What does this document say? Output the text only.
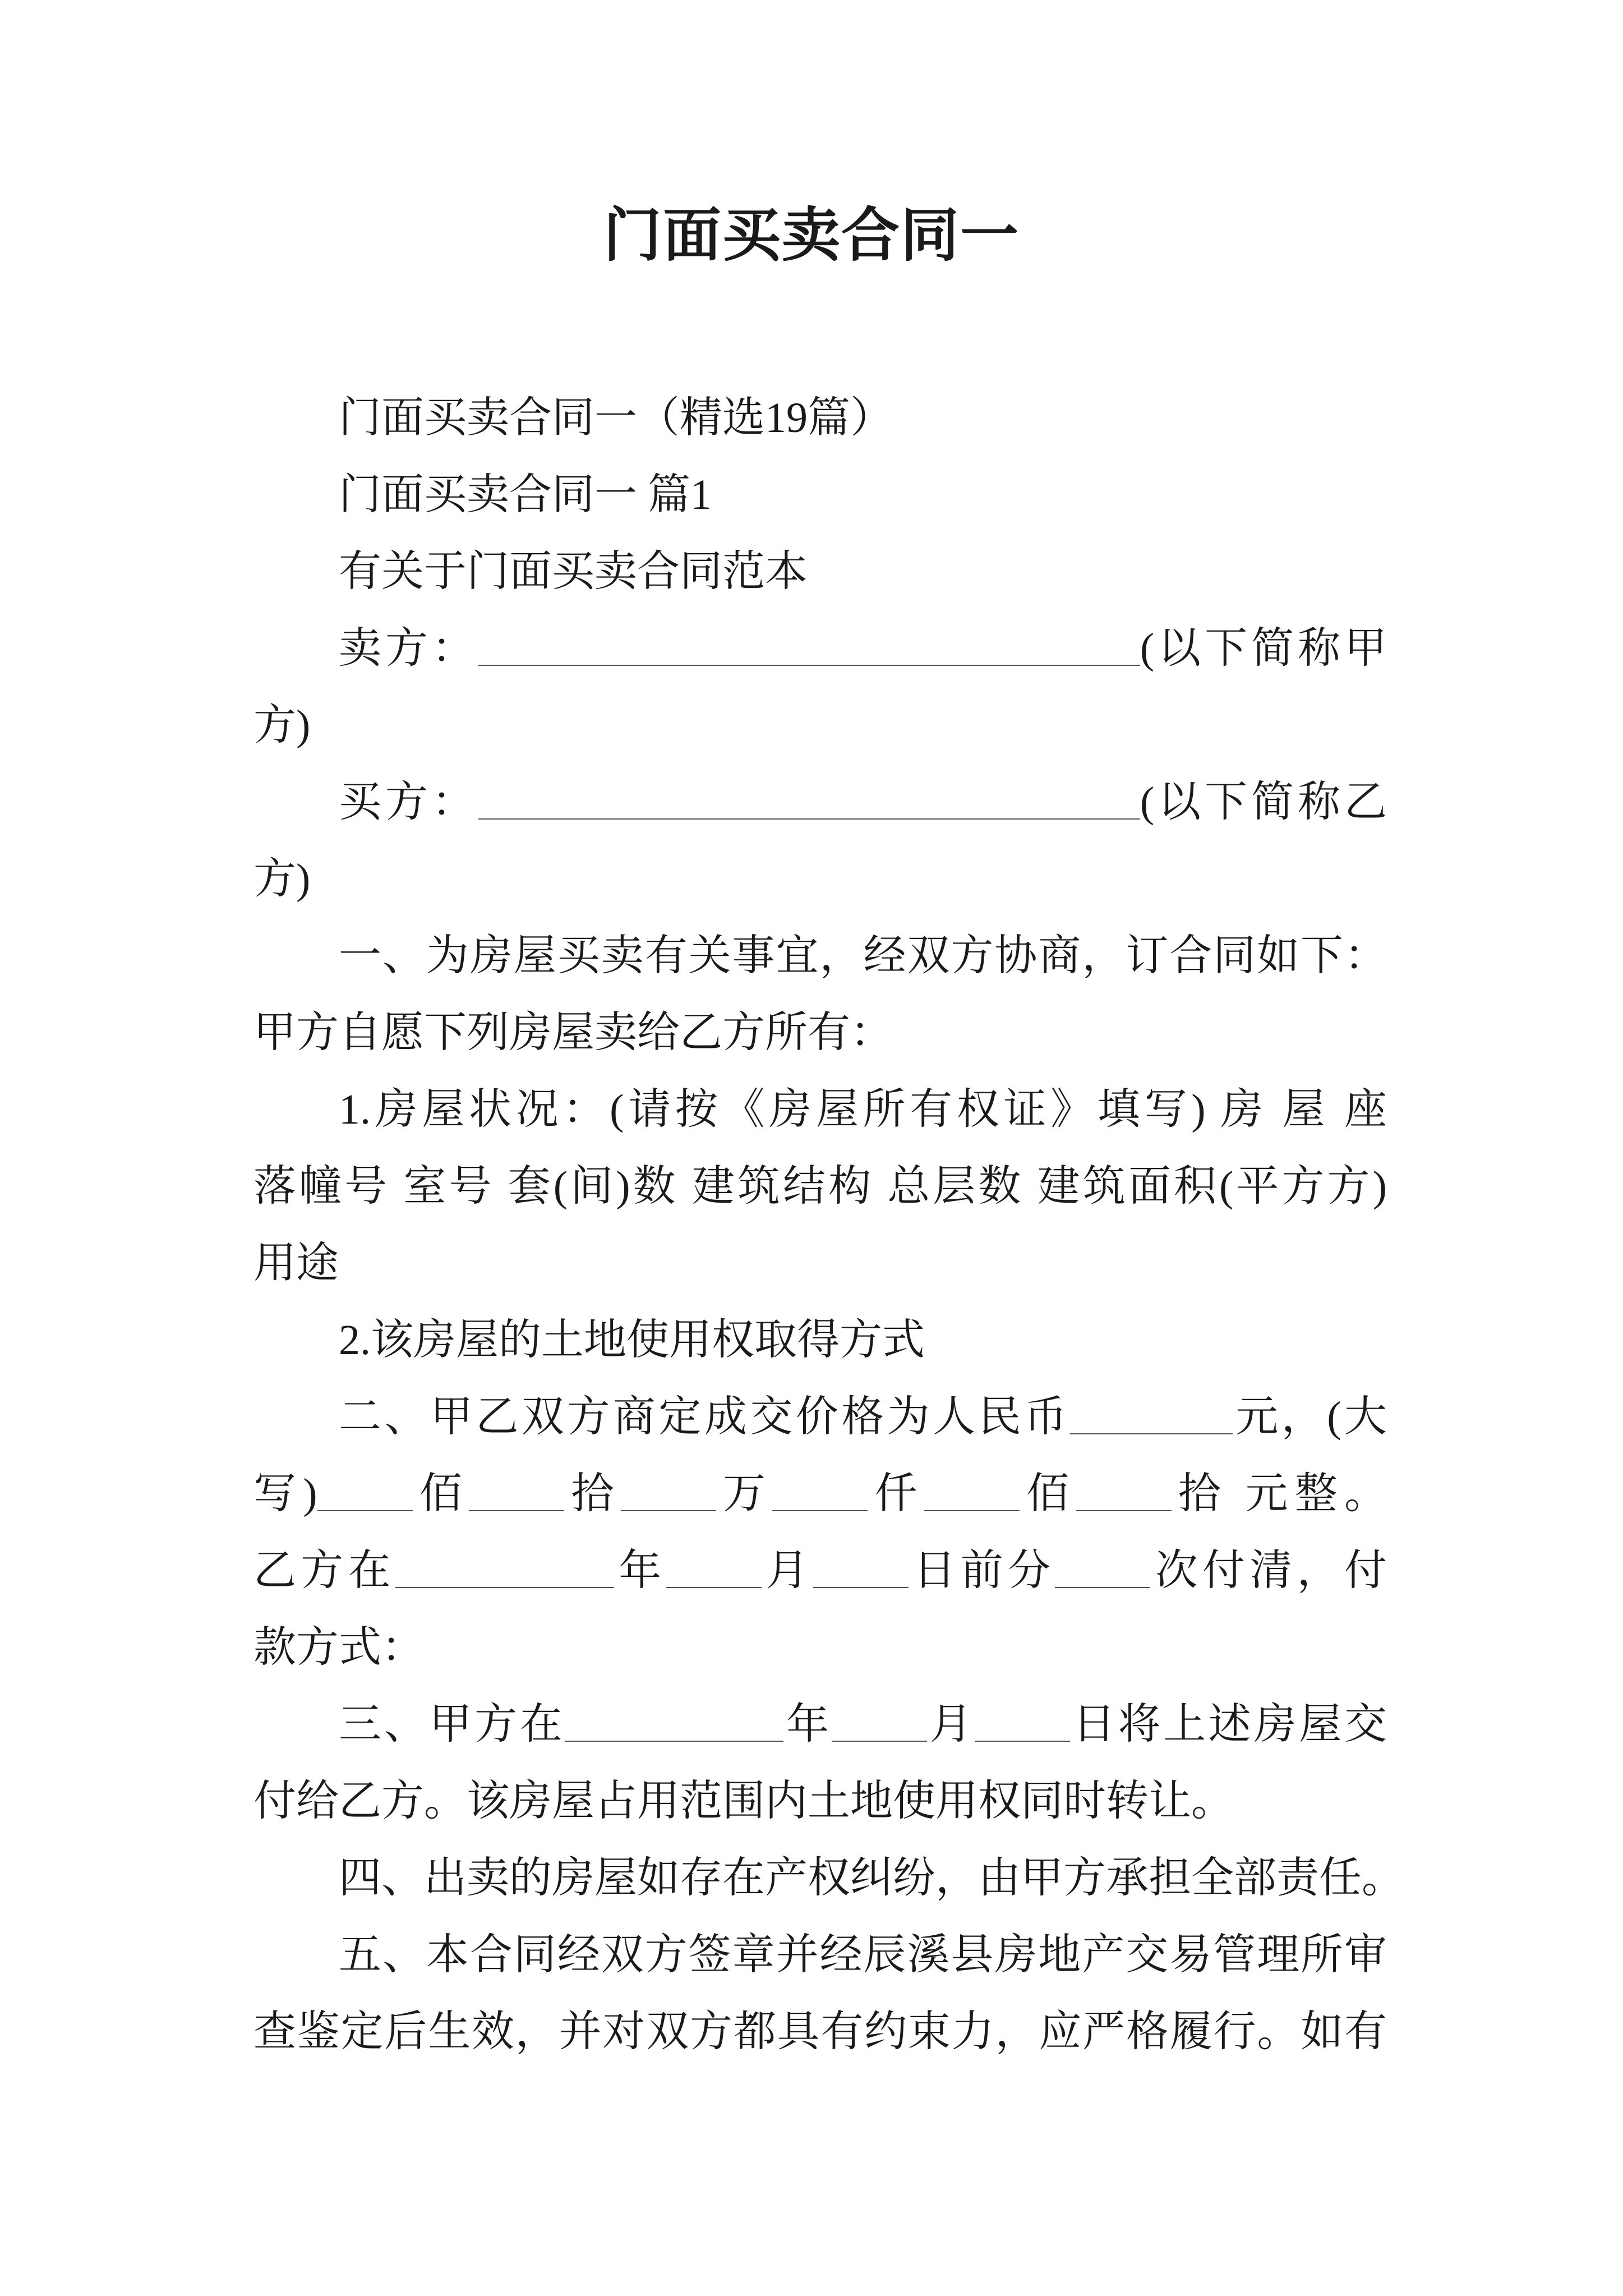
门面买卖合同一
门面买卖合同一（精选19篇）
门面买卖合同一 篇1
有关于门面买卖合同范本
卖方：	(以下简称甲
方)
买方：	(以下简称乙
方)
一、为房屋买卖有关事宜，经双方协商，订合同如下：
甲方自愿下列房屋卖给乙方所有：
1.房屋状况：(请按《房屋所有权证》填写) 房 屋 座
落幢号 室号 套(间)数 建筑结构 总层数 建筑面积(平方方)
用途
2.该房屋的土地使用权取得方式
二、甲乙双方商定成交价格为人民币	元，(大
写) 佰 拾 万 仟 佰 拾 元整。
乙方在	年 月 日前分 次付清，付
款方式：
三、甲方在	年 月 日将上述房屋交
付给乙方。该房屋占用范围内土地使用权同时转让。
四、出卖的房屋如存在产权纠纷，由甲方承担全部责任。
五、本合同经双方签章并经辰溪县房地产交易管理所审
查鉴定后生效，并对双方都具有约束力，应严格履行。如有
